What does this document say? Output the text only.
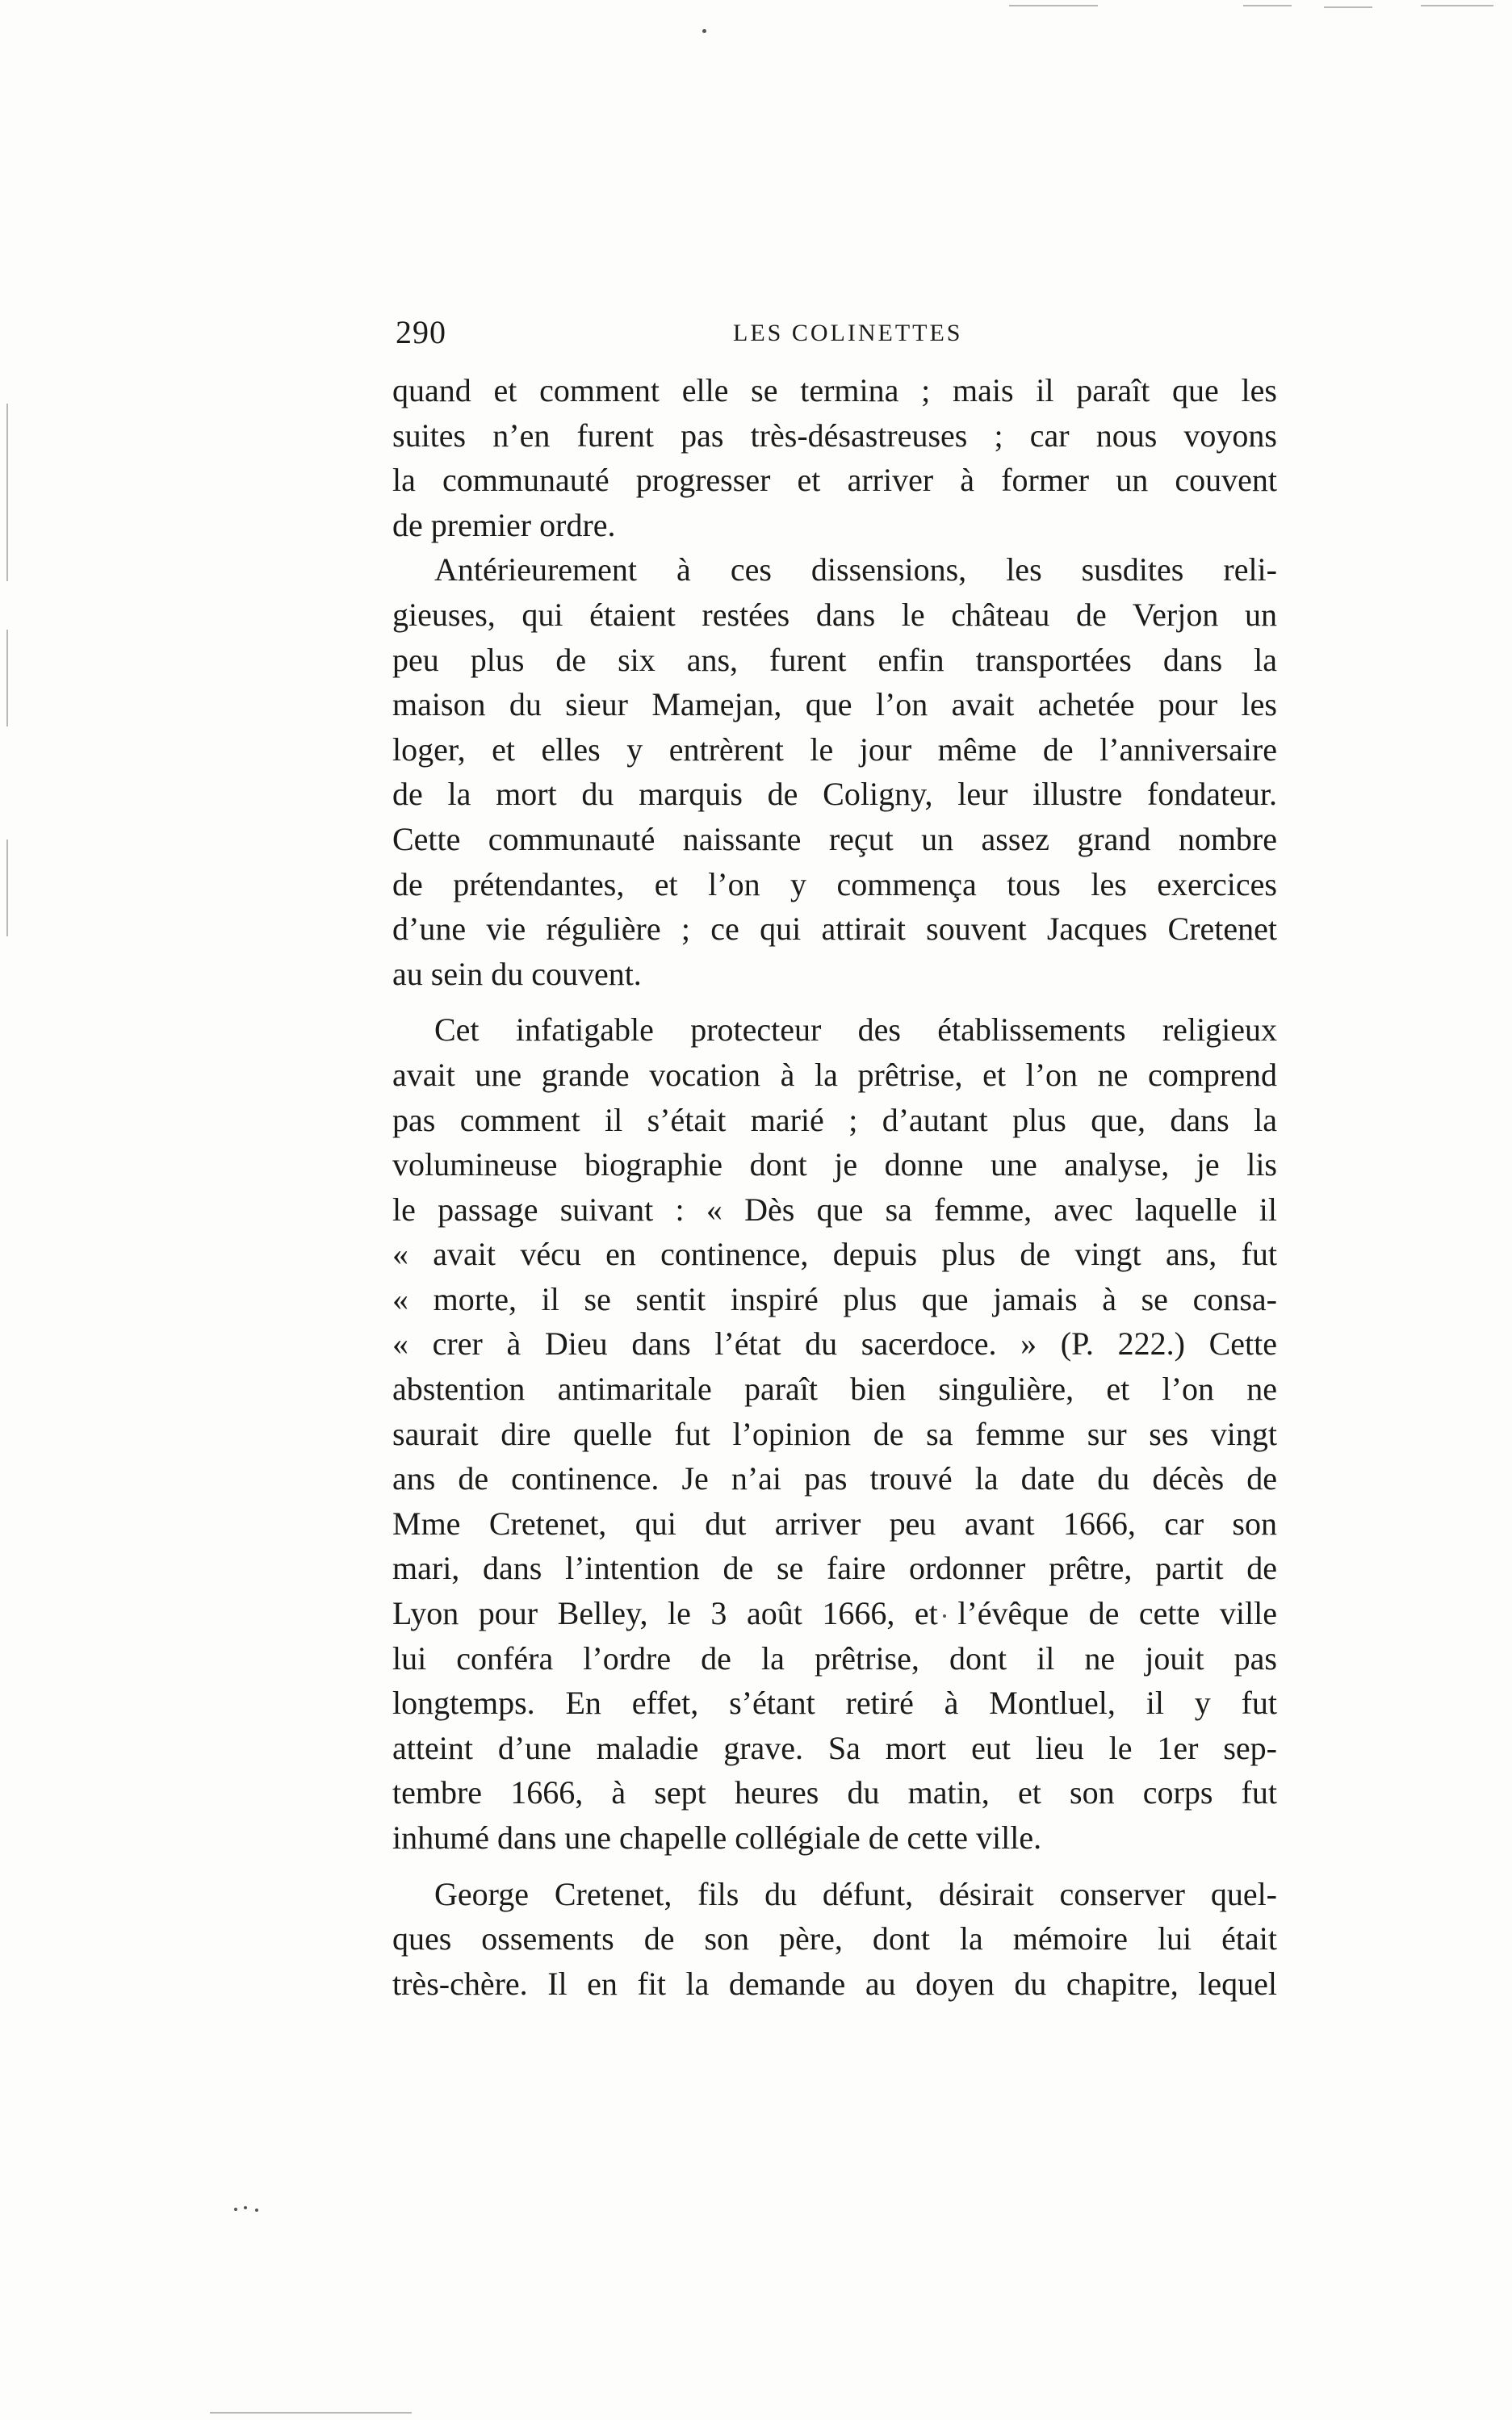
290	LES COLINETTES
quand et comment elle se termina ; mais il paraît que les
suites n’en furent pas très-désastreuses ; car nous voyons
la communauté progresser et arriver à former un couvent
de premier ordre.
Antérieurement à ces dissensions, les susdites reli-
gieuses, qui étaient restées dans le château de Verjon un
peu plus de six ans, furent enfin transportées dans la
maison du sieur Mamejan, que l’on avait achetée pour les
loger, et elles y entrèrent le jour même de l’anniversaire
de la mort du marquis de Coligny, leur illustre fondateur.
Cette communauté naissante reçut un assez grand nombre
de prétendantes, et l’on y commença tous les exercices
d’une vie régulière ; ce qui attirait souvent Jacques Cretenet
au sein du couvent.
Cet infatigable protecteur des établissements religieux
avait une grande vocation à la prêtrise, et l’on ne comprend
pas comment il s’était marié ; d’autant plus que, dans la
volumineuse biographie dont je donne une analyse, je lis
le passage suivant : « Dès que sa femme, avec laquelle il
« avait vécu en continence, depuis plus de vingt ans, fut
« morte, il se sentit inspiré plus que jamais à se consa-
« crer à Dieu dans l’état du sacerdoce. » (P. 222.) Cette
abstention antimaritale paraît bien singulière, et l’on ne
saurait dire quelle fut l’opinion de sa femme sur ses vingt
ans de continence. Je n’ai pas trouvé la date du décès de
Mme Cretenet, qui dut arriver peu avant 1666, car son
mari, dans l’intention de se faire ordonner prêtre, partit de
Lyon pour Belley, le 3 août 1666, et l’évêque de cette ville
lui conféra l’ordre de la prêtrise, dont il ne jouit pas
longtemps. En effet, s’étant retiré à Montluel, il y fut
atteint d’une maladie grave. Sa mort eut lieu le 1er sep-
tembre 1666, à sept heures du matin, et son corps fut
inhumé dans une chapelle collégiale de cette ville.
George Cretenet, fils du défunt, désirait conserver quel-
ques ossements de son père, dont la mémoire lui était
très-chère. Il en fit la demande au doyen du chapitre, lequel
